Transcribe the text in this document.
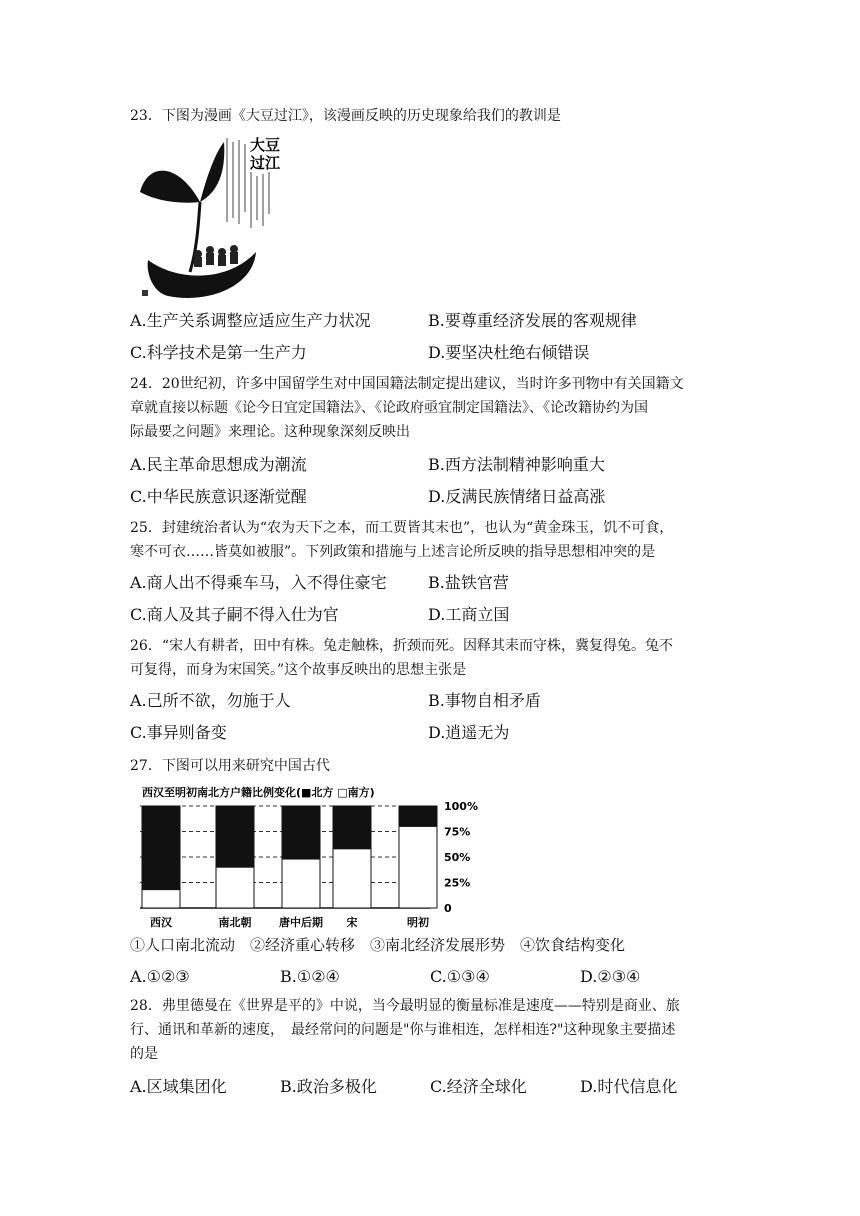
23．下图为漫画《大豆过江》，该漫画反映的历史现象给我们的教训是
大豆 过江
A.生产关系调整应适应生产力状况	B.要尊重经济发展的客观规律
C.科学技术是第一生产力	D.要坚决杜绝右倾错误
24．20世纪初，许多中国留学生对中国国籍法制定提出建议，当时许多刊物中有关国籍文
章就直接以标题《论今日宜定国籍法》、《论政府亟宜制定国籍法》、《论改籍协约为国
际最要之问题》来理论。这种现象深刻反映出
A.民主革命思想成为潮流	B.西方法制精神影响重大
C.中华民族意识逐渐觉醒	D.反满民族情绪日益高涨
25．封建统治者认为“农为天下之本，而工贾皆其末也”，也认为“黄金珠玉，饥不可食，
寒不可衣……皆莫如被服”。下列政策和措施与上述言论所反映的指导思想相冲突的是
A.商人出不得乘车马，入不得住豪宅	B.盐铁官营
C.商人及其子嗣不得入仕为官	D.工商立国
26．“宋人有耕者，田中有株。兔走触株，折颈而死。因释其耒而守株，冀复得兔。兔不
可复得，而身为宋国笑。”这个故事反映出的思想主张是
A.己所不欲，勿施于人	B.事物自相矛盾
C.事异则备变	D.逍遥无为
27．下图可以用来研究中国古代
西汉至明初南北方户籍比例变化(■北方 □南方)
西汉	南北朝	唐中后期 宋	明初
100%
75%
50%
25%
0
①人口南北流动　②经济重心转移　③南北经济发展形势　④饮食结构变化
A.①②③	B.①②④	C.①③④	D.②③④
28．弗里德曼在《世界是平的》中说，当今最明显的衡量标准是速度——特别是商业、旅
行、通讯和革新的速度，　最经常问的问题是"你与谁相连，怎样相连?"这种现象主要描述
的是
A.区域集团化	B.政治多极化	C.经济全球化	D.时代信息化
